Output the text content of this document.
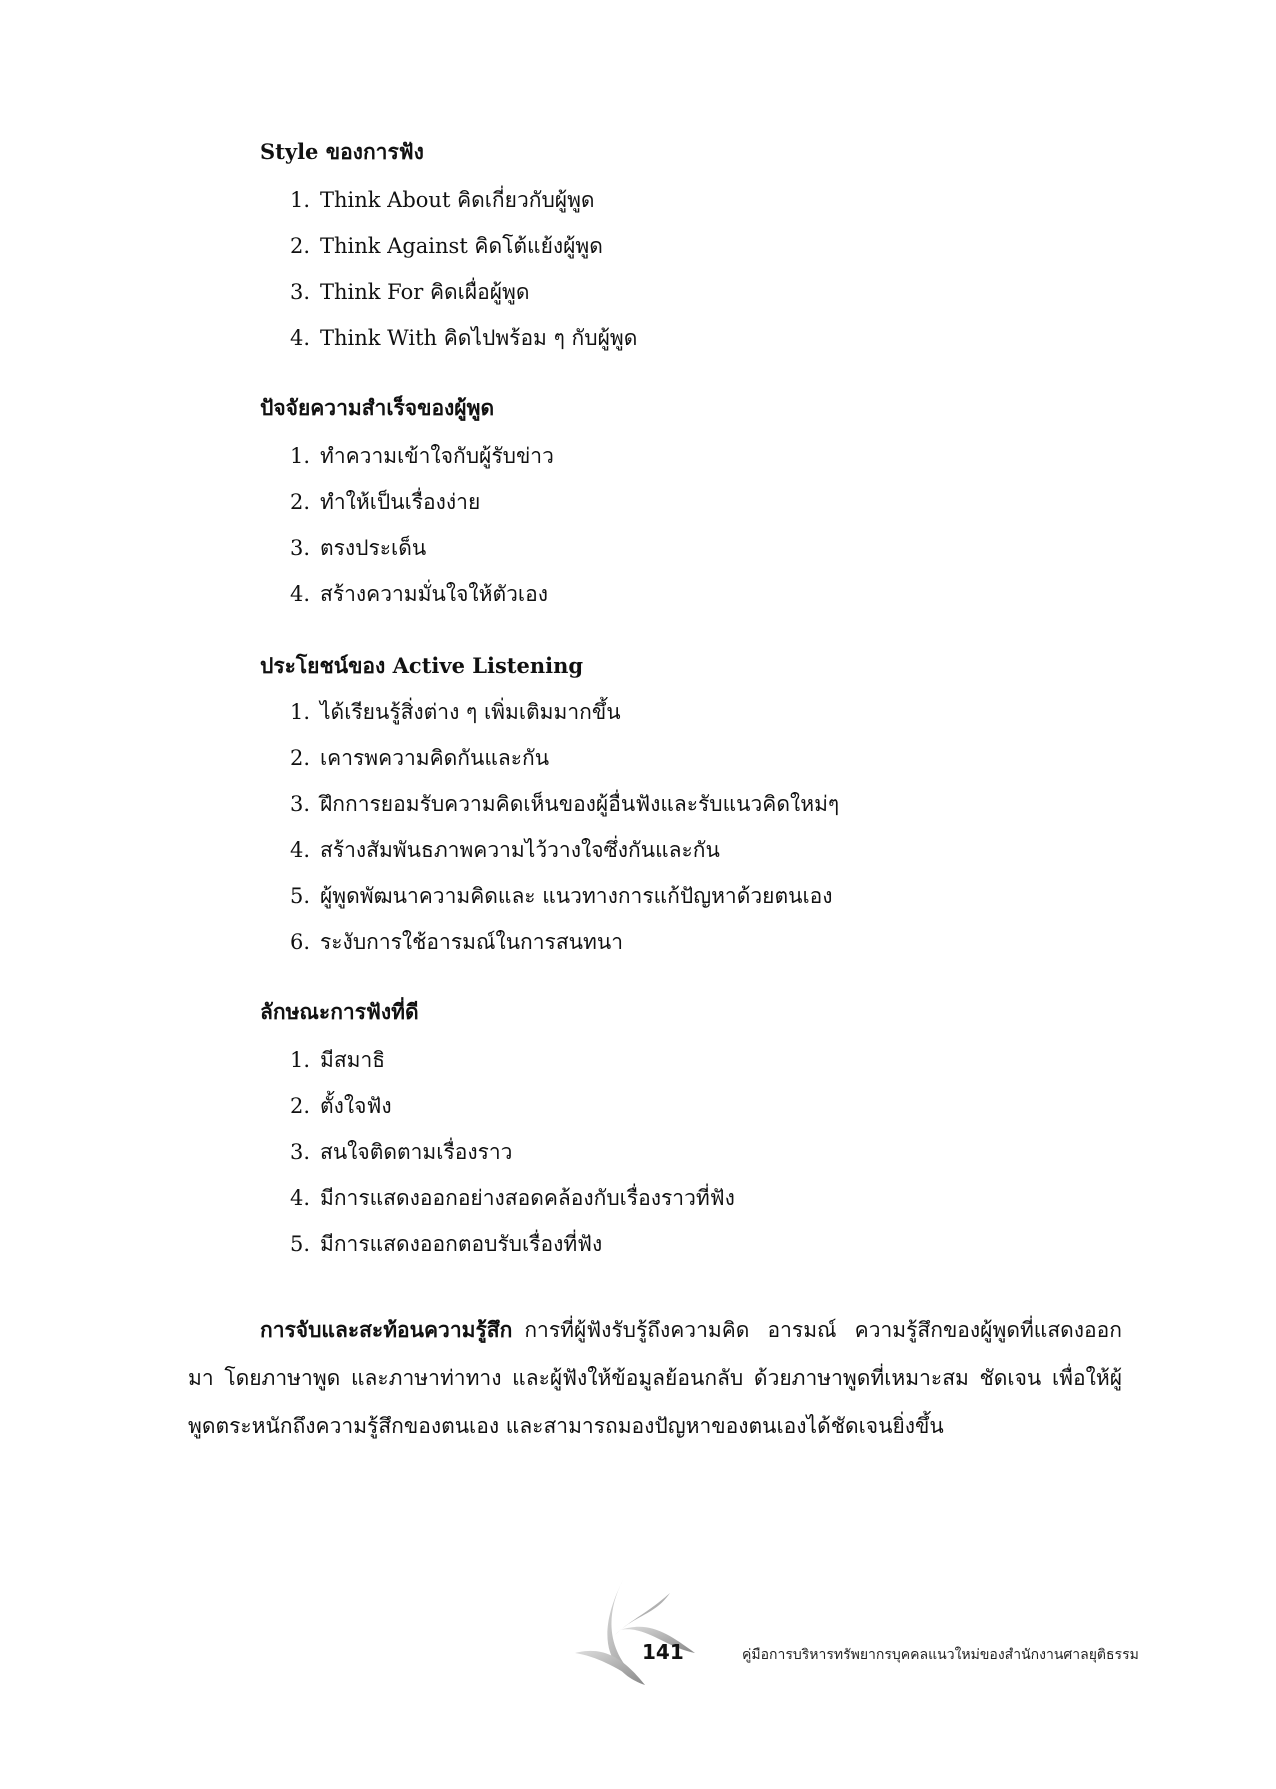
Style ของการฟัง
1. Think About คิดเกี่ยวกับผู้พูด
2. Think Against คิดโต้แย้งผู้พูด
3. Think For คิดเผื่อผู้พูด
4. Think With คิดไปพร้อม ๆ กับผู้พูด
ปัจจัยความสำเร็จของผู้พูด
1. ทำความเข้าใจกับผู้รับข่าว
2. ทำให้เป็นเรื่องง่าย
3. ตรงประเด็น
4. สร้างความมั่นใจให้ตัวเอง
ประโยชน์ของ Active Listening
1. ได้เรียนรู้สิ่งต่าง ๆ เพิ่มเติมมากขึ้น
2. เคารพความคิดกันและกัน
3. ฝึกการยอมรับความคิดเห็นของผู้อื่นฟังและรับแนวคิดใหม่ๆ
4. สร้างสัมพันธภาพความไว้วางใจซึ่งกันและกัน
5. ผู้พูดพัฒนาความคิดและ แนวทางการแก้ปัญหาด้วยตนเอง
6. ระงับการใช้อารมณ์ในการสนทนา
ลักษณะการฟังที่ดี
1. มีสมาธิ
2. ตั้งใจฟัง
3. สนใจติดตามเรื่องราว
4. มีการแสดงออกอย่างสอดคล้องกับเรื่องราวที่ฟัง
5. มีการแสดงออกตอบรับเรื่องที่ฟัง
การจับและสะท้อนความรู้สึก การที่ผู้ฟังรับรู้ถึงความคิด อารมณ์ ความรู้สึกของผู้พูดที่แสดงออกมา โดยภาษาพูด และภาษาท่าทาง และผู้ฟังให้ข้อมูลย้อนกลับ ด้วยภาษาพูดที่เหมาะสม ชัดเจน เพื่อให้ผู้พูดตระหนักถึงความรู้สึกของตนเอง และสามารถมองปัญหาของตนเองได้ชัดเจนยิ่งขึ้น
141	คู่มือการบริหารทรัพยากรบุคคลแนวใหม่ของสำนักงานศาลยุติธรรม
